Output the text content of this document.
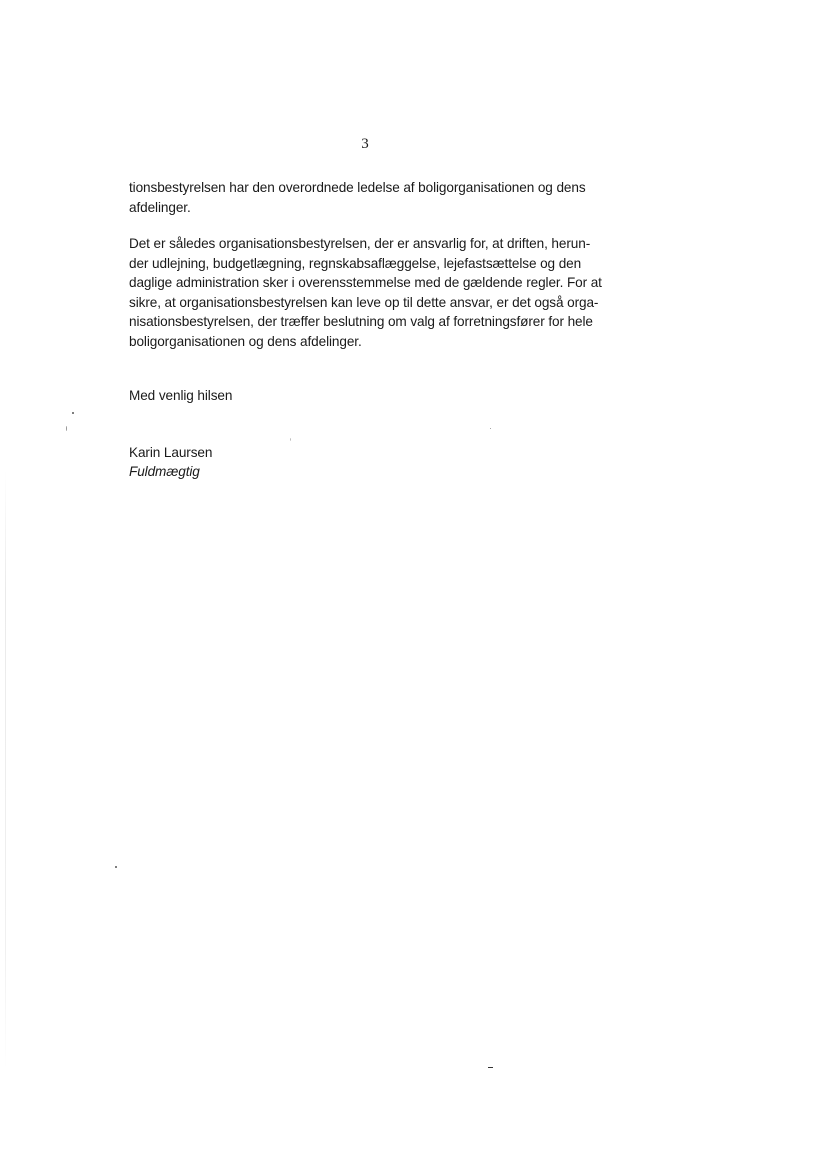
3
tionsbestyrelsen har den overordnede ledelse af boligorganisationen og dens
afdelinger.
Det er således organisationsbestyrelsen, der er ansvarlig for, at driften, herun-
der udlejning, budgetlægning, regnskabsaflæggelse, lejefastsættelse og den
daglige administration sker i overensstemmelse med de gældende regler. For at
sikre, at organisationsbestyrelsen kan leve op til dette ansvar, er det også orga-
nisationsbestyrelsen, der træffer beslutning om valg af forretningsfører for hele
boligorganisationen og dens afdelinger.
Med venlig hilsen
Karin Laursen
Fuldmægtig
